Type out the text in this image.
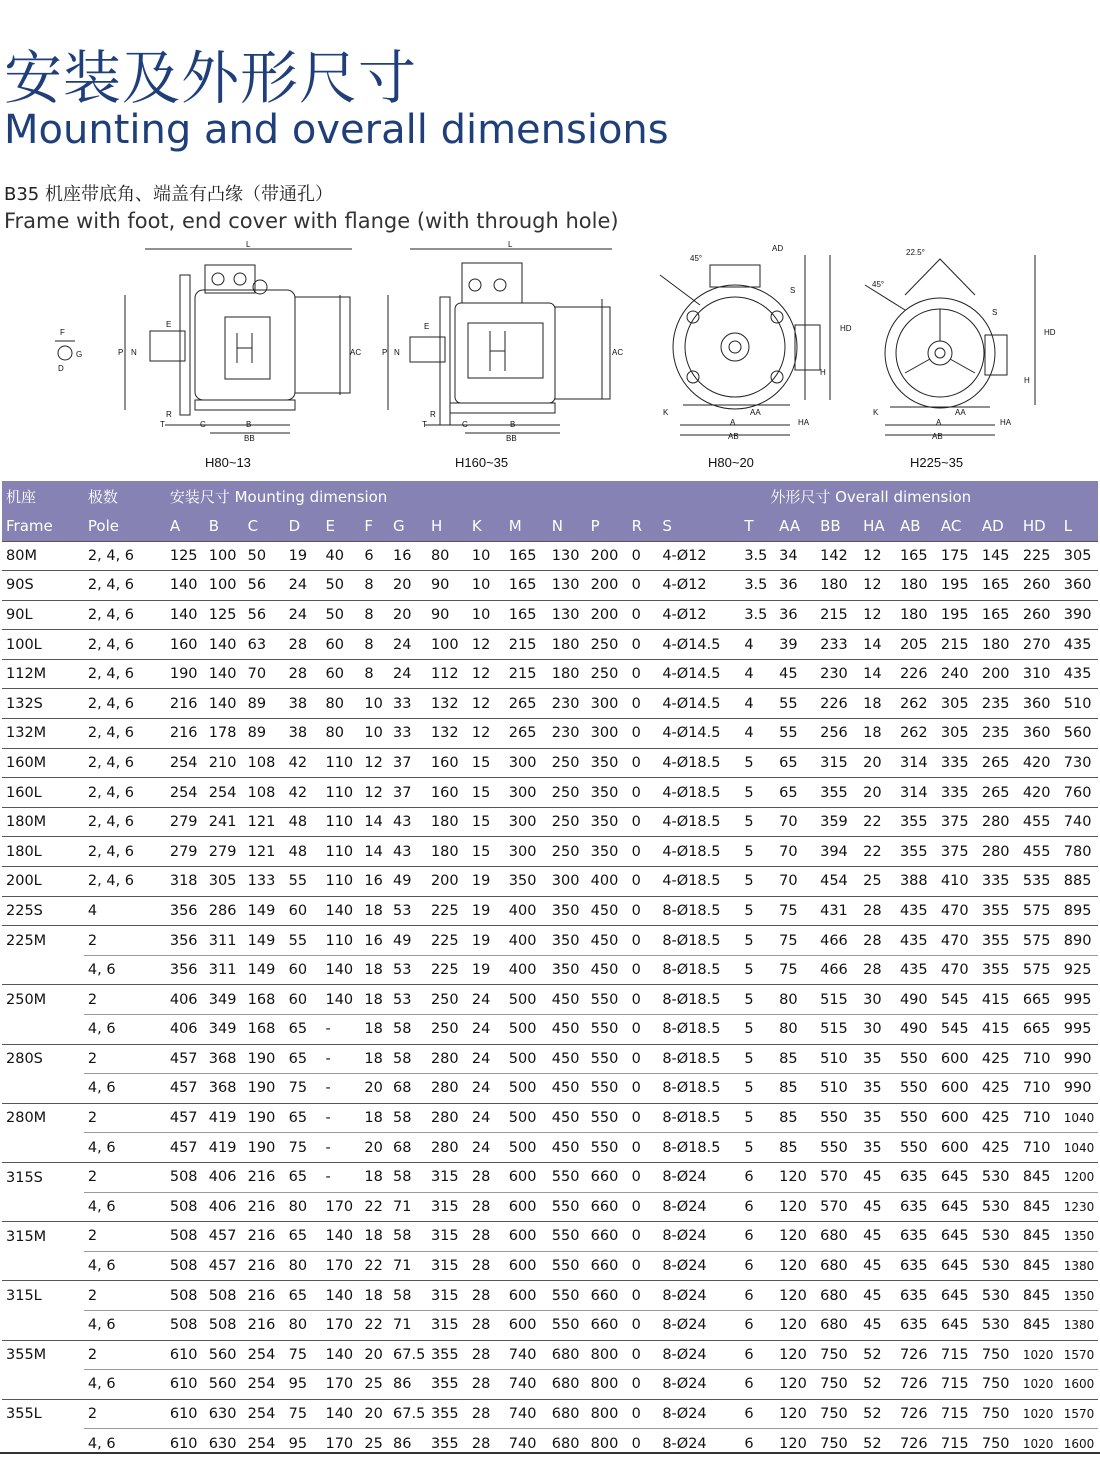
安装及外形尺寸
Mounting and overall dimensions
B35 机座带底角、端盖有凸缘（带通孔）
Frame with foot, end cover with flange (with through hole)
L	L
E	E
F
G
D
P N	P N
AC	AC
R	R
T	T
C	C
B	B
BB	BB
AD
45°
S
HD
H
K
A
AA
AB
HA
22.5°
45°
S
HD
H
K
A
AA
AB
HA
H80~13	H160~35	H80~20	H225~35
机座	极数	安装尺寸 Mounting dimension														外形尺寸 Overall dimension								
Frame	Pole	A	B	C	D	E	F	G	H	K	M	N	P	R	S	T	AA	BB	HA	AB	AC	AD	HD	L
80M	2, 4, 6	125	100	50	19	40	6	16	80	10	165	130	200	0	4-Ø12	3.5	34	142	12	165	175	145	225	305
90S	2, 4, 6	140	100	56	24	50	8	20	90	10	165	130	200	0	4-Ø12	3.5	36	180	12	180	195	165	260	360
90L	2, 4, 6	140	125	56	24	50	8	20	90	10	165	130	200	0	4-Ø12	3.5	36	215	12	180	195	165	260	390
100L	2, 4, 6	160	140	63	28	60	8	24	100	12	215	180	250	0	4-Ø14.5	4	39	233	14	205	215	180	270	435
112M	2, 4, 6	190	140	70	28	60	8	24	112	12	215	180	250	0	4-Ø14.5	4	45	230	14	226	240	200	310	435
132S	2, 4, 6	216	140	89	38	80	10	33	132	12	265	230	300	0	4-Ø14.5	4	55	226	18	262	305	235	360	510
132M	2, 4, 6	216	178	89	38	80	10	33	132	12	265	230	300	0	4-Ø14.5	4	55	256	18	262	305	235	360	560
160M	2, 4, 6	254	210	108	42	110	12	37	160	15	300	250	350	0	4-Ø18.5	5	65	315	20	314	335	265	420	730
160L	2, 4, 6	254	254	108	42	110	12	37	160	15	300	250	350	0	4-Ø18.5	5	65	355	20	314	335	265	420	760
180M	2, 4, 6	279	241	121	48	110	14	43	180	15	300	250	350	0	4-Ø18.5	5	70	359	22	355	375	280	455	740
180L	2, 4, 6	279	279	121	48	110	14	43	180	15	300	250	350	0	4-Ø18.5	5	70	394	22	355	375	280	455	780
200L	2, 4, 6	318	305	133	55	110	16	49	200	19	350	300	400	0	4-Ø18.5	5	70	454	25	388	410	335	535	885
225S	4	356	286	149	60	140	18	53	225	19	400	350	450	0	8-Ø18.5	5	75	431	28	435	470	355	575	895
225M	2	356	311	149	55	110	16	49	225	19	400	350	450	0	8-Ø18.5	5	75	466	28	435	470	355	575	890
	4, 6	356	311	149	60	140	18	53	225	19	400	350	450	0	8-Ø18.5	5	75	466	28	435	470	355	575	925
250M	2	406	349	168	60	140	18	53	250	24	500	450	550	0	8-Ø18.5	5	80	515	30	490	545	415	665	995
	4, 6	406	349	168	65	-	18	58	250	24	500	450	550	0	8-Ø18.5	5	80	515	30	490	545	415	665	995
280S	2	457	368	190	65	-	18	58	280	24	500	450	550	0	8-Ø18.5	5	85	510	35	550	600	425	710	990
	4, 6	457	368	190	75	-	20	68	280	24	500	450	550	0	8-Ø18.5	5	85	510	35	550	600	425	710	990
280M	2	457	419	190	65	-	18	58	280	24	500	450	550	0	8-Ø18.5	5	85	550	35	550	600	425	710	1040
	4, 6	457	419	190	75	-	20	68	280	24	500	450	550	0	8-Ø18.5	5	85	550	35	550	600	425	710	1040
315S	2	508	406	216	65	-	18	58	315	28	600	550	660	0	8-Ø24	6	120	570	45	635	645	530	845	1200
	4, 6	508	406	216	80	170	22	71	315	28	600	550	660	0	8-Ø24	6	120	570	45	635	645	530	845	1230
315M	2	508	457	216	65	140	18	58	315	28	600	550	660	0	8-Ø24	6	120	680	45	635	645	530	845	1350
	4, 6	508	457	216	80	170	22	71	315	28	600	550	660	0	8-Ø24	6	120	680	45	635	645	530	845	1380
315L	2	508	508	216	65	140	18	58	315	28	600	550	660	0	8-Ø24	6	120	680	45	635	645	530	845	1350
	4, 6	508	508	216	80	170	22	71	315	28	600	550	660	0	8-Ø24	6	120	680	45	635	645	530	845	1380
355M	2	610	560	254	75	140	20	67.5	355	28	740	680	800	0	8-Ø24	6	120	750	52	726	715	750	1020	1570
	4, 6	610	560	254	95	170	25	86	355	28	740	680	800	0	8-Ø24	6	120	750	52	726	715	750	1020	1600
355L	2	610	630	254	75	140	20	67.5	355	28	740	680	800	0	8-Ø24	6	120	750	52	726	715	750	1020	1570
	4, 6	610	630	254	95	170	25	86	355	28	740	680	800	0	8-Ø24	6	120	750	52	726	715	750	1020	1600
